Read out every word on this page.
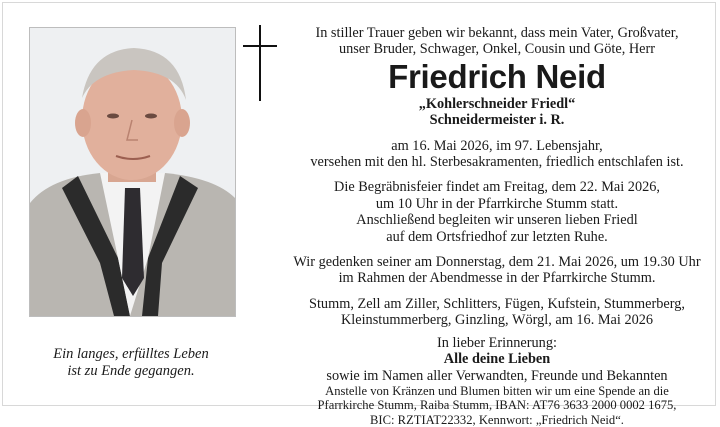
Ein langes, erfülltes Leben
ist zu Ende gegangen.

In stiller Trauer geben wir bekannt, dass mein Vater, Großvater,

unser Bruder, Schwager, Onkel, Cousin und Göte, Herr

Friedrich Neid

„Kohlerschneider Friedl“

Schneidermeister i. R.

am 16. Mai 2026, im 97. Lebensjahr,

versehen mit den hl. Sterbesakramenten, friedlich entschlafen ist.

Die Begräbnisfeier findet am Freitag, dem 22. Mai 2026,

um 10 Uhr in der Pfarrkirche Stumm statt.

Anschließend begleiten wir unseren lieben Friedl

auf dem Ortsfriedhof zur letzten Ruhe.

Wir gedenken seiner am Donnerstag, dem 21. Mai 2026, um 19.30 Uhr

im Rahmen der Abendmesse in der Pfarrkirche Stumm.

Stumm, Zell am Ziller, Schlitters, Fügen, Kufstein, Stummerberg,

Kleinstummerberg, Ginzling, Wörgl, am 16. Mai 2026

In lieber Erinnerung:

Alle deine Lieben

sowie im Namen aller Verwandten, Freunde und Bekannten

Anstelle von Kränzen und Blumen bitten wir um eine Spende an die

Pfarrkirche Stumm, Raiba Stumm, IBAN: AT76 3633 2000 0002 1675,

BIC: RZTIAT22332, Kennwort: „Friedrich Neid“.
